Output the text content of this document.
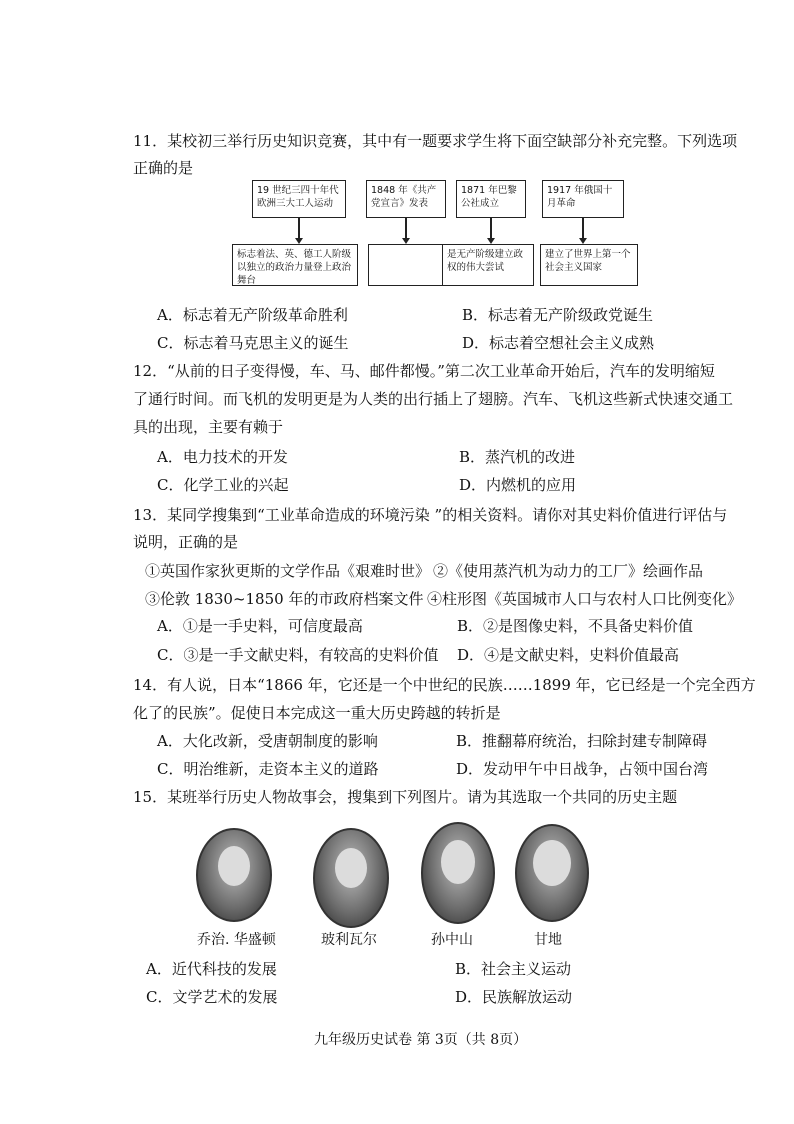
11．某校初三举行历史知识竞赛，其中有一题要求学生将下面空缺部分补充完整。下列选项
正确的是
19 世纪三四十年代欧洲三大工人运动
1848 年《共产党宣言》发表
1871 年巴黎公社成立
1917 年俄国十月革命
标志着法、英、德工人阶级以独立的政治力量登上政治舞台
是无产阶级建立政权的伟大尝试
建立了世界上第一个社会主义国家
A．标志着无产阶级革命胜利	B．标志着无产阶级政党诞生
C．标志着马克思主义的诞生	D．标志着空想社会主义成熟
12．“从前的日子变得慢，车、马、邮件都慢。”第二次工业革命开始后，汽车的发明缩短
了通行时间。而飞机的发明更是为人类的出行插上了翅膀。汽车、飞机这些新式快速交通工
具的出现，主要有赖于
A．电力技术的开发	B．蒸汽机的改进
C．化学工业的兴起	D．内燃机的应用
13．某同学搜集到“工业革命造成的环境污染 ”的相关资料。请你对其史料价值进行评估与
说明，正确的是
①英国作家狄更斯的文学作品《艰难时世》 ②《使用蒸汽机为动力的工厂》绘画作品
③伦敦 1830~1850 年的市政府档案文件 ④柱形图《英国城市人口与农村人口比例变化》
A．①是一手史料，可信度最高	B．②是图像史料，不具备史料价值
C．③是一手文献史料，有较高的史料价值 D．④是文献史料，史料价值最高
14．有人说，日本“1866 年，它还是一个中世纪的民族……1899 年，它已经是一个完全西方
化了的民族”。促使日本完成这一重大历史跨越的转折是
A．大化改新，受唐朝制度的影响	B．推翻幕府统治，扫除封建专制障碍
C．明治维新，走资本主义的道路	D．发动甲午中日战争，占领中国台湾
15．某班举行历史人物故事会，搜集到下列图片。请为其选取一个共同的历史主题
乔治. 华盛顿	玻利瓦尔	孙中山	甘地
A．近代科技的发展	B．社会主义运动
C．文学艺术的发展	D．民族解放运动
九年级历史试卷 第 3页（共 8页）
